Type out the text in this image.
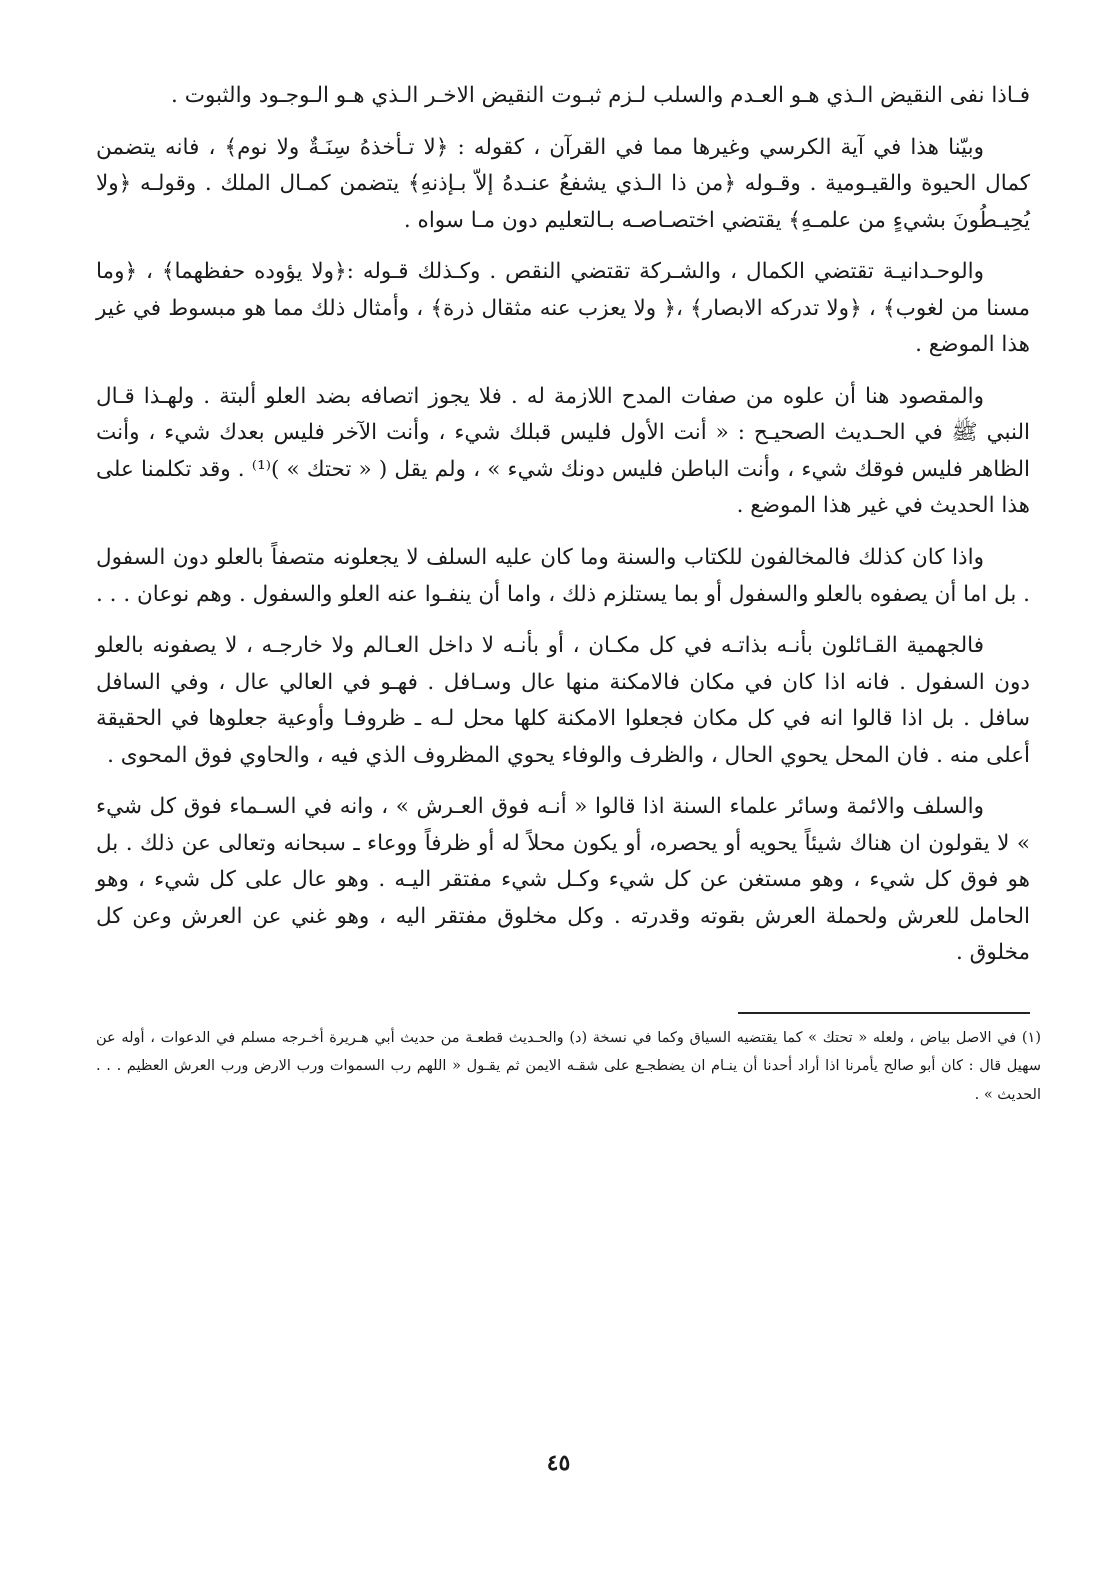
فـاذا نفى النقيض الـذي هـو العـدم والسلب لـزم ثبـوت النقيض الاخـر الـذي هـو الـوجـود والثبوت .

وبيّنا هذا في آية الكرسي وغيرها مما في القرآن ، كقوله : ﴿لا تـأخذهُ سِنَـةٌ ولا نوم﴾ ، فانه يتضمن كمال الحيوة والقيـومية . وقـوله ﴿من ذا الـذي يشفعُ عنـدهُ إلاّ بـإذنهِ﴾ يتضمن كمـال الملك . وقولـه ﴿ولا يُحِيـطُونَ بشيءٍ من علمـهِ﴾ يقتضي اختصـاصـه بـالتعليم دون مـا سواه .

والوحـدانيـة تقتضي الكمال ، والشـركة تقتضي النقص . وكـذلك قـوله :﴿ولا يؤوده حفظهما﴾ ، ﴿وما مسنا من لغوب﴾ ، ﴿ولا تدركه الابصار﴾ ،﴿ ولا يعزب عنه مثقال ذرة﴾ ، وأمثال ذلك مما هو مبسوط في غير هذا الموضع .

والمقصود هنا أن علوه من صفات المدح اللازمة له . فلا يجوز اتصافه بضد العلو ألبتة . ولهـذا قـال النبي ﷺ في الحـديث الصحيـح : « أنت الأول فليس قبلك شيء ، وأنت الآخر فليس بعدك شيء ، وأنت الظاهر فليس فوقك شيء ، وأنت الباطن فليس دونك شيء » ، ولم يقل ( « تحتك » )⁽¹⁾ . وقد تكلمنا على هذا الحديث في غير هذا الموضع .

واذا كان كذلك فالمخالفون للكتاب والسنة وما كان عليه السلف لا يجعلونه متصفاً بالعلو دون السفول . بل اما أن يصفوه بالعلو والسفول أو بما يستلزم ذلك ، واما أن ينفـوا عنه العلو والسفول . وهم نوعان . . .

فالجهمية القـائلون بأنـه بذاتـه في كل مكـان ، أو بأنـه لا داخل العـالم ولا خارجـه ، لا يصفونه بالعلو دون السفول . فانه اذا كان في مكان فالامكنة منها عال وسـافل . فهـو في العالي عال ، وفي السافل سافل . بل اذا قالوا انه في كل مكان فجعلوا الامكنة كلها محل لـه ـ ظروفـا وأوعية جعلوها في الحقيقة أعلى منه . فان المحل يحوي الحال ، والظرف والوفاء يحوي المظروف الذي فيه ، والحاوي فوق المحوى .

والسلف والائمة وسائر علماء السنة اذا قالوا « أنـه فوق العـرش » ، وانه في السـماء فوق كل شيء » لا يقولون ان هناك شيئاً يحويه أو يحصره، أو يكون محلاً له أو ظرفاً ووعاء ـ سبحانه وتعالى عن ذلك . بل هو فوق كل شيء ، وهو مستغن عن كل شيء وكـل شيء مفتقر اليـه . وهو عال على كل شيء ، وهو الحامل للعرش ولحملة العرش بقوته وقدرته . وكل مخلوق مفتقر اليه ، وهو غني عن العرش وعن كل مخلوق .

(١) في الاصل بياض ، ولعله « تحتك » كما يقتضيه السياق وكما في نسخة (د) والحـديث قطعـة من حديث أبي هـريرة أخـرجه مسلم في الدعوات ، أوله عن سهيل قال : كان أبو صالح يأمرنا اذا أراد أحدنا أن ينـام ان يضطجـع على شقـه الايمن ثم يقـول « اللهم رب السموات ورب الارض ورب العرش العظيم . . . الحديث » .

٤٥
